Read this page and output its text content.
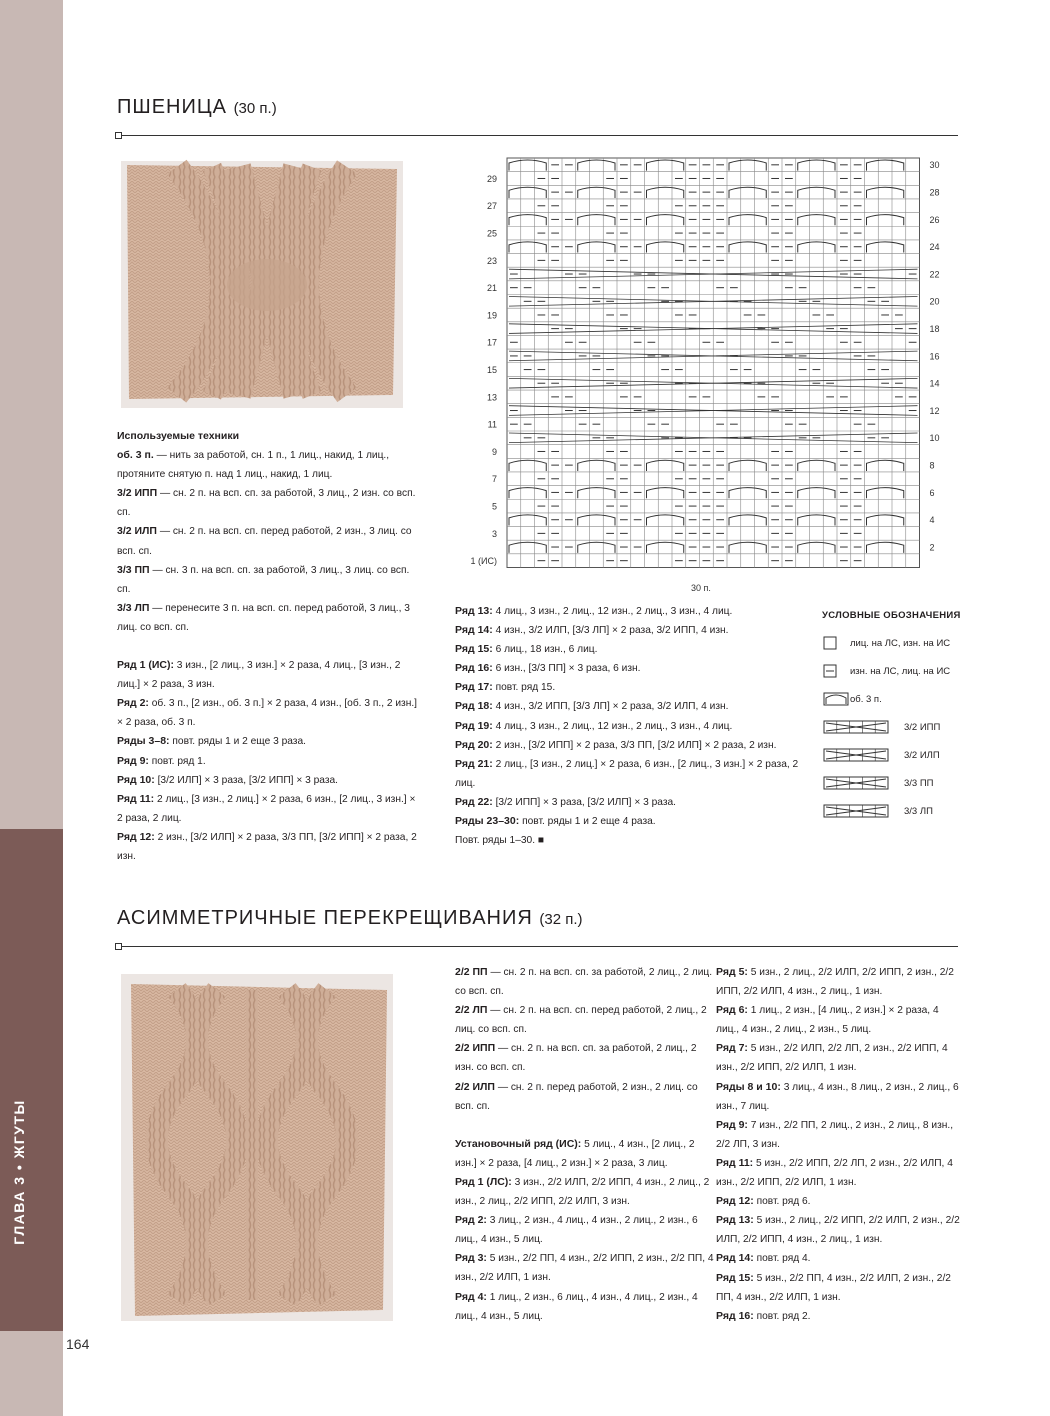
ГЛАВА 3 • ЖГУТЫ
164
ПШЕНИЦА (30 п.)

Используемые техники

об. 3 п. — нить за работой, сн. 1 п., 1 лиц., накид, 1 лиц., протяните снятую п. над 1 лиц., накид, 1 лиц.

3/2 ИПП — сн. 2 п. на всп. сп. за работой, 3 лиц., 2 изн. со всп. сп.

3/2 ИЛП — сн. 2 п. на всп. сп. перед работой, 2 изн., 3 лиц. со всп. сп.

3/3 ПП — сн. 3 п. на всп. сп. за работой, 3 лиц., 3 лиц. со всп. сп.

3/3 ЛП — перенесите 3 п. на всп. сп. перед работой, 3 лиц., 3 лиц. со всп. сп.

Ряд 1 (ИС): 3 изн., [2 лиц., 3 изн.] × 2 раза, 4 лиц., [3 изн., 2 лиц.] × 2 раза, 3 изн.

Ряд 2: об. 3 п., [2 изн., об. 3 п.] × 2 раза, 4 изн., [об. 3 п., 2 изн.] × 2 раза, об. 3 п.

Ряды 3–8: повт. ряды 1 и 2 еще 3 раза.

Ряд 9: повт. ряд 1.

Ряд 10: [3/2 ИЛП] × 3 раза, [3/2 ИПП] × 3 раза.

Ряд 11: 2 лиц., [3 изн., 2 лиц.] × 2 раза, 6 изн., [2 лиц., 3 изн.] × 2 раза, 2 лиц.

Ряд 12: 2 изн., [3/2 ИЛП] × 2 раза, 3/3 ПП, [3/2 ИПП] × 2 раза, 2 изн.

29
27
25
23
21
19
17
15
13
11
9
7
5
3
1 (ИС)
30
28
26
24
22
20
18
16
14
12
10
8
6
4
2
30 п.

Ряд 13: 4 лиц., 3 изн., 2 лиц., 12 изн., 2 лиц., 3 изн., 4 лиц.

Ряд 14: 4 изн., 3/2 ИЛП, [3/3 ЛП] × 2 раза, 3/2 ИПП, 4 изн.

Ряд 15: 6 лиц., 18 изн., 6 лиц.

Ряд 16: 6 изн., [3/3 ПП] × 3 раза, 6 изн.

Ряд 17: повт. ряд 15.

Ряд 18: 4 изн., 3/2 ИПП, [3/3 ЛП] × 2 раза, 3/2 ИЛП, 4 изн.

Ряд 19: 4 лиц., 3 изн., 2 лиц., 12 изн., 2 лиц., 3 изн., 4 лиц.

Ряд 20: 2 изн., [3/2 ИПП] × 2 раза, 3/3 ПП, [3/2 ИЛП] × 2 раза, 2 изн.

Ряд 21: 2 лиц., [3 изн., 2 лиц.] × 2 раза, 6 изн., [2 лиц., 3 изн.] × 2 раза, 2 лиц.

Ряд 22: [3/2 ИПП] × 3 раза, [3/2 ИЛП] × 3 раза.

Ряды 23–30: повт. ряды 1 и 2 еще 4 раза.

Повт. ряды 1–30. ■

УСЛОВНЫЕ ОБОЗНАЧЕНИЯ
лиц. на ЛС, изн. на ИС
изн. на ЛС, лиц. на ИС
об. 3 п.
3/2 ИПП
3/2 ИЛП
3/3 ПП
3/3 ЛП
АСИММЕТРИЧНЫЕ ПЕРЕКРЕЩИВАНИЯ (32 п.)

2/2 ПП — сн. 2 п. на всп. сп. за работой, 2 лиц., 2 лиц. со всп. сп.

2/2 ЛП — сн. 2 п. на всп. сп. перед работой, 2 лиц., 2 лиц. со всп. сп.

2/2 ИПП — сн. 2 п. на всп. сп. за работой, 2 лиц., 2 изн. со всп. сп.

2/2 ИЛП — сн. 2 п. перед работой, 2 изн., 2 лиц. со всп. сп.

Установочный ряд (ИС): 5 лиц., 4 изн., [2 лиц., 2 изн.] × 2 раза, [4 лиц., 2 изн.] × 2 раза, 3 лиц.

Ряд 1 (ЛС): 3 изн., 2/2 ИЛП, 2/2 ИПП, 4 изн., 2 лиц., 2 изн., 2 лиц., 2/2 ИПП, 2/2 ИЛП, 3 изн.

Ряд 2: 3 лиц., 2 изн., 4 лиц., 4 изн., 2 лиц., 2 изн., 6 лиц., 4 изн., 5 лиц.

Ряд 3: 5 изн., 2/2 ПП, 4 изн., 2/2 ИПП, 2 изн., 2/2 ПП, 4 изн., 2/2 ИЛП, 1 изн.

Ряд 4: 1 лиц., 2 изн., 6 лиц., 4 изн., 4 лиц., 2 изн., 4 лиц., 4 изн., 5 лиц.

Ряд 5: 5 изн., 2 лиц., 2/2 ИЛП, 2/2 ИПП, 2 изн., 2/2 ИПП, 2/2 ИЛП, 4 изн., 2 лиц., 1 изн.

Ряд 6: 1 лиц., 2 изн., [4 лиц., 2 изн.] × 2 раза, 4 лиц., 4 изн., 2 лиц., 2 изн., 5 лиц.

Ряд 7: 5 изн., 2/2 ИЛП, 2/2 ЛП, 2 изн., 2/2 ИПП, 4 изн., 2/2 ИПП, 2/2 ИЛП, 1 изн.

Ряды 8 и 10: 3 лиц., 4 изн., 8 лиц., 2 изн., 2 лиц., 6 изн., 7 лиц.

Ряд 9: 7 изн., 2/2 ПП, 2 лиц., 2 изн., 2 лиц., 8 изн., 2/2 ЛП, 3 изн.

Ряд 11: 5 изн., 2/2 ИПП, 2/2 ЛП, 2 изн., 2/2 ИЛП, 4 изн., 2/2 ИПП, 2/2 ИЛП, 1 изн.

Ряд 12: повт. ряд 6.

Ряд 13: 5 изн., 2 лиц., 2/2 ИПП, 2/2 ИЛП, 2 изн., 2/2 ИЛП, 2/2 ИПП, 4 изн., 2 лиц., 1 изн.

Ряд 14: повт. ряд 4.

Ряд 15: 5 изн., 2/2 ПП, 4 изн., 2/2 ИЛП, 2 изн., 2/2 ПП, 4 изн., 2/2 ИЛП, 1 изн.

Ряд 16: повт. ряд 2.
